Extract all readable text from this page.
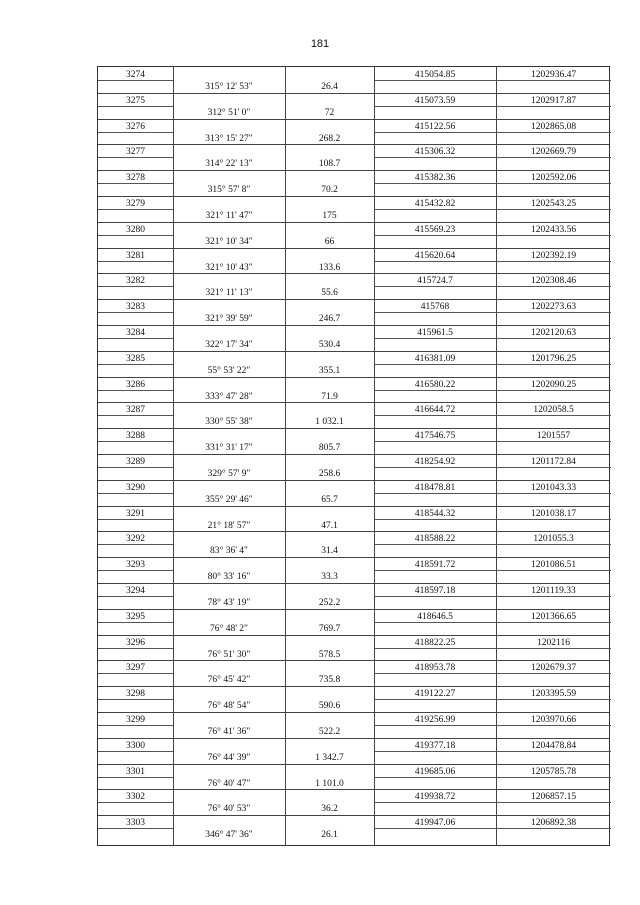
181
3274	415054.85	1202936.47
315° 12' 53"	26.4
3275	415073.59	1202917.87
312° 51' 0"	72
3276	415122.56	1202865.08
313° 15' 27"	268.2
3277	415306.32	1202669.79
314° 22' 13"	108.7
3278	415382.36	1202592.06
315° 57' 8"	70.2
3279	415432.82	1202543.25
321° 11' 47"	175
3280	415569.23	1202433.56
321° 10' 34"	66
3281	415620.64	1202392.19
321° 10' 43"	133.6
3282	415724.7	1202308.46
321° 11' 13"	55.6
3283	415768	1202273.63
321° 39' 59"	246.7
3284	415961.5	1202120.63
322° 17' 34"	530.4
3285	416381.09	1201796.25
55° 53' 22"	355.1
3286	416580.22	1202090.25
333° 47' 28"	71.9
3287	416644.72	1202058.5
330° 55' 38"	1 032.1
3288	417546.75	1201557
331° 31' 17"	805.7
3289	418254.92	1201172.84
329° 57' 9"	258.6
3290	418478.81	1201043.33
355° 29' 46"	65.7
3291	418544.32	1201038.17
21° 18' 57"	47.1
3292	418588.22	1201055.3
83° 36' 4"	31.4
3293	418591.72	1201086.51
80° 33' 16"	33.3
3294	418597.18	1201119.33
78° 43' 19"	252.2
3295	418646.5	1201366.65
76° 48' 2"	769.7
3296	418822.25	1202116
76° 51' 30"	578.5
3297	418953.78	1202679.37
76° 45' 42"	735.8
3298	419122.27	1203395.59
76° 48' 54"	590.6
3299	419256.99	1203970.66
76° 41' 36"	522.2
3300	419377.18	1204478.84
76° 44' 39"	1 342.7
3301	419685.06	1205785.78
76° 40' 47"	1 101.0
3302	419938.72	1206857.15
76° 40' 53"	36.2
3303	419947.06	1206892.38
346° 47' 36"	26.1
